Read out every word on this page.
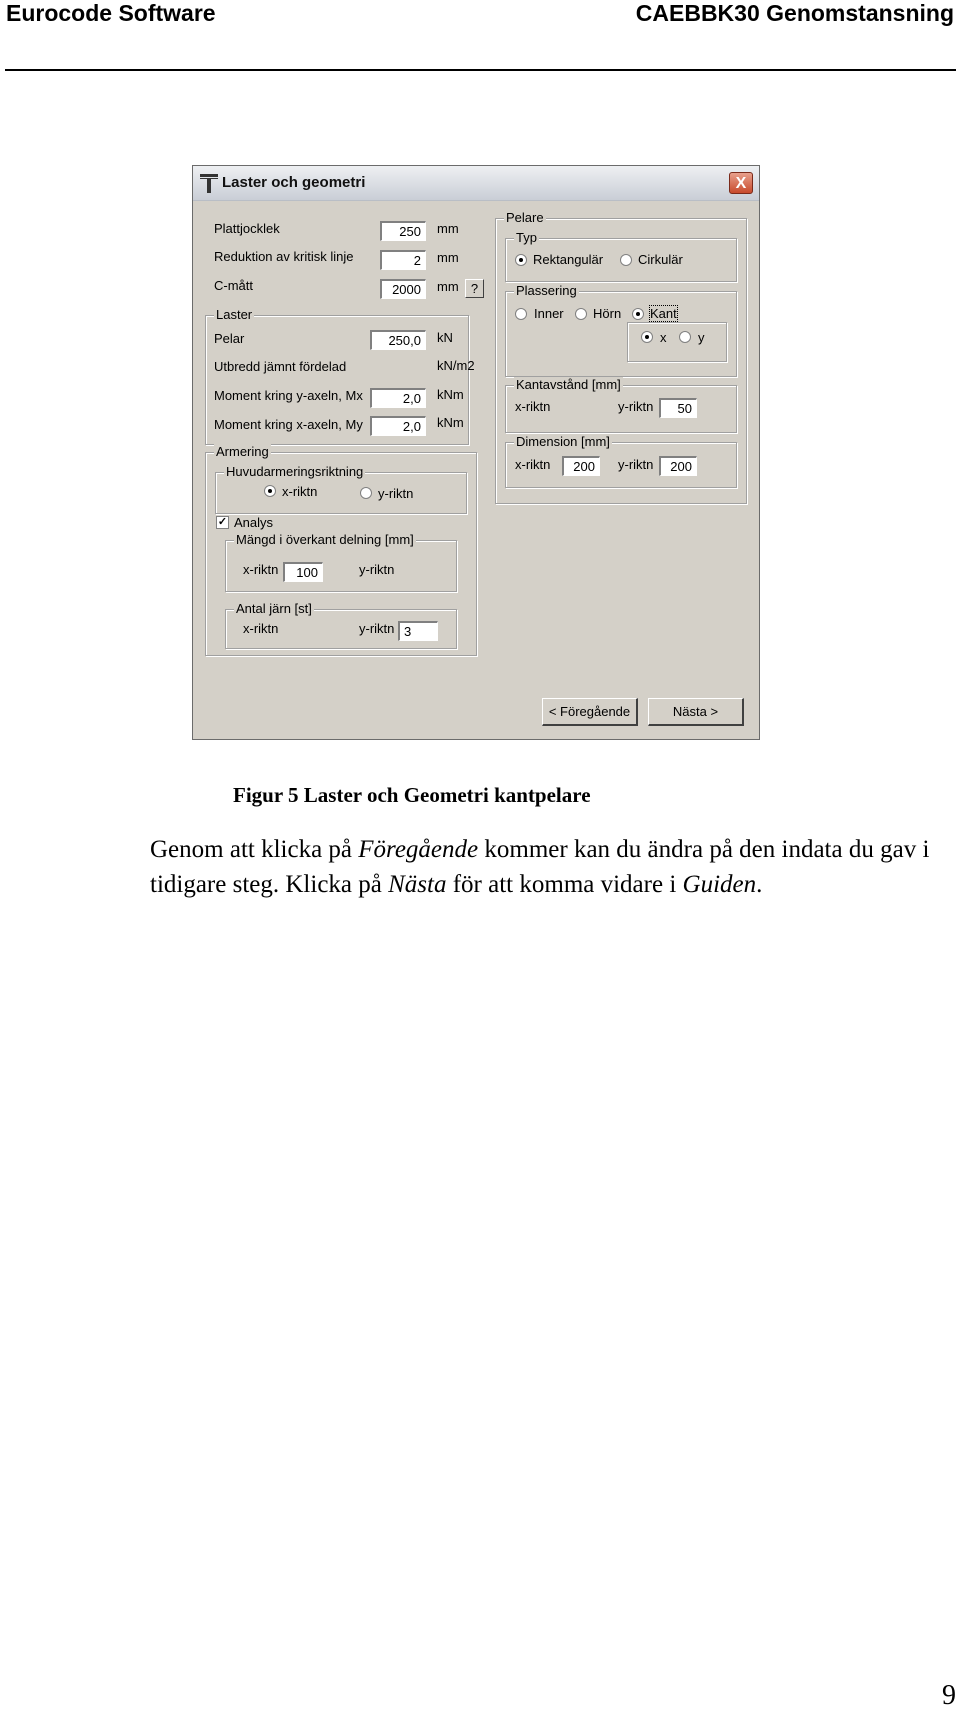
Eurocode Software	CAEBBK30 Genomstansning
Laster och geometri	X
Plattjocklek	250	mm
Reduktion av kritisk linje	2	mm
C-mått	2000	mm ?
Laster
Pelar	250,0	kN
Utbredd jämnt fördelad	kN/m2
Moment kring y-axeln, Mx	2,0	kNm
Moment kring x-axeln, My	2,0	kNm
Armering
Huvudarmeringsriktning
x-riktn	y-riktn
✓ Analys
Mängd i överkant delning [mm]
x-riktn	100	y-riktn
Antal järn [st]
x-riktn	y-riktn 3
Pelare
Typ
Rektangulär	Cirkulär
Plassering
Inner Hörn Kant
x y
Kantavstånd [mm]
x-riktn	y-riktn	50
Dimension [mm]
x-riktn	200	y-riktn	200
< Föregående	Nästa >
Figur 5 Laster och Geometri kantpelare
Genom att klicka på Föregående kommer kan du ändra på den indata du gav i tidigare steg. Klicka på Nästa för att komma vidare i Guiden.
9
